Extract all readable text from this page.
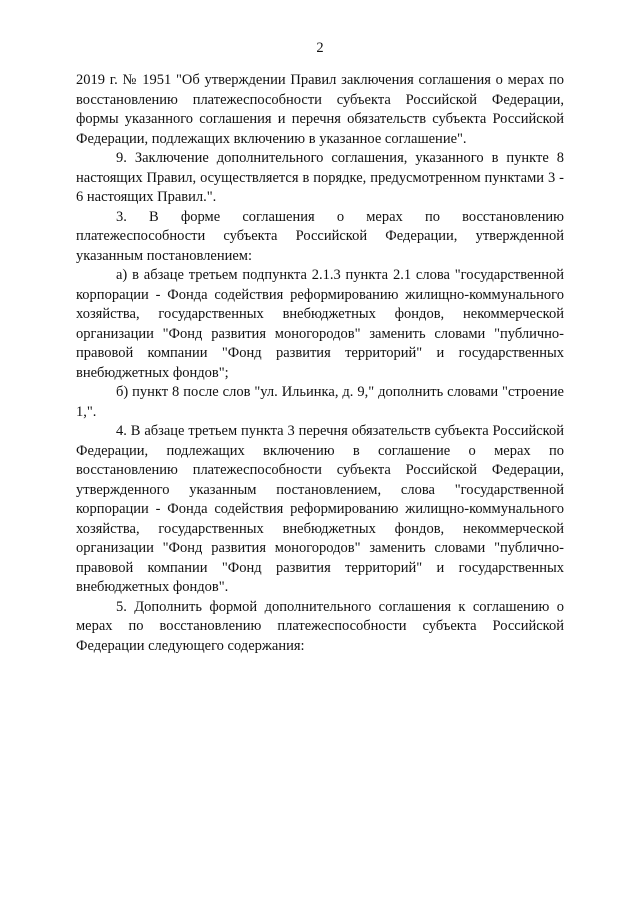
2

2019 г. № 1951 "Об утверждении Правил заключения соглашения о мерах по восстановлению платежеспособности субъекта Российской Федерации, формы указанного соглашения и перечня обязательств субъекта Российской Федерации, подлежащих включению в указанное соглашение".

9. Заключение дополнительного соглашения, указанного в пункте 8 настоящих Правил, осуществляется в порядке, предусмотренном пунктами 3 - 6 настоящих Правил.".

3. В форме соглашения о мерах по восстановлению платежеспособности субъекта Российской Федерации, утвержденной указанным постановлением:

а) в абзаце третьем подпункта 2.1.3 пункта 2.1 слова "государственной корпорации - Фонда содействия реформированию жилищно-коммунального хозяйства, государственных внебюджетных фондов, некоммерческой организации "Фонд развития моногородов" заменить словами "публично-правовой компании "Фонд развития территорий" и государственных внебюджетных фондов";

б) пункт 8 после слов "ул. Ильинка, д. 9," дополнить словами "строение 1,".

4. В абзаце третьем пункта 3 перечня обязательств субъекта Российской Федерации, подлежащих включению в соглашение о мерах по восстановлению платежеспособности субъекта Российской Федерации, утвержденного указанным постановлением, слова "государственной корпорации - Фонда содействия реформированию жилищно-коммунального хозяйства, государственных внебюджетных фондов, некоммерческой организации "Фонд развития моногородов" заменить словами "публично-правовой компании "Фонд развития территорий" и государственных внебюджетных фондов".

5. Дополнить формой дополнительного соглашения к соглашению о мерах по восстановлению платежеспособности субъекта Российской Федерации следующего содержания:
